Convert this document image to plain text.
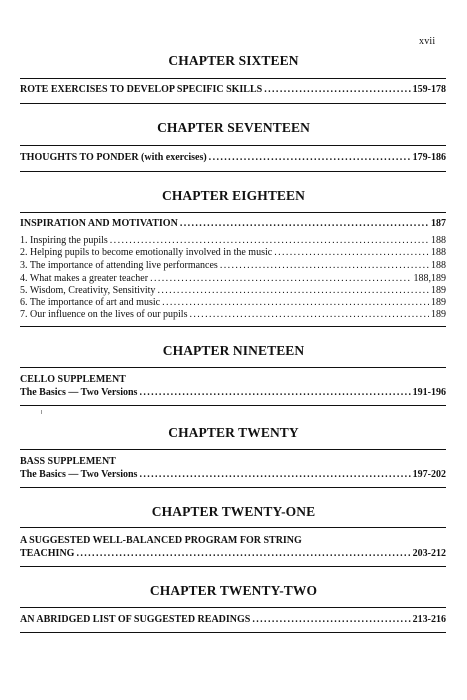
xvii
CHAPTER SIXTEEN
ROTE EXERCISES TO DEVELOP SPECIFIC SKILLS .....	159-178
CHAPTER SEVENTEEN
THOUGHTS TO PONDER (with exercises) .....	179-186
CHAPTER EIGHTEEN
INSPIRATION AND MOTIVATION .....	187
1. Inspiring the pupils .....	188
2. Helping pupils to become emotionally involved in the music .....	188
3. The importance of attending live performances .....	188
4. What makes a greater teacher .....	188,189
5. Wisdom, Creativity, Sensitivity .....	189
6. The importance of art and music .....	189
7. Our influence on the lives of our pupils .....	189
CHAPTER NINETEEN
CELLO SUPPLEMENT
The Basics — Two Versions .....	191-196
CHAPTER TWENTY
BASS SUPPLEMENT
The Basics — Two Versions .....	197-202
CHAPTER TWENTY-ONE
A SUGGESTED WELL-BALANCED PROGRAM FOR STRING
TEACHING .....	203-212
CHAPTER TWENTY-TWO
AN ABRIDGED LIST OF SUGGESTED READINGS .....	213-216
